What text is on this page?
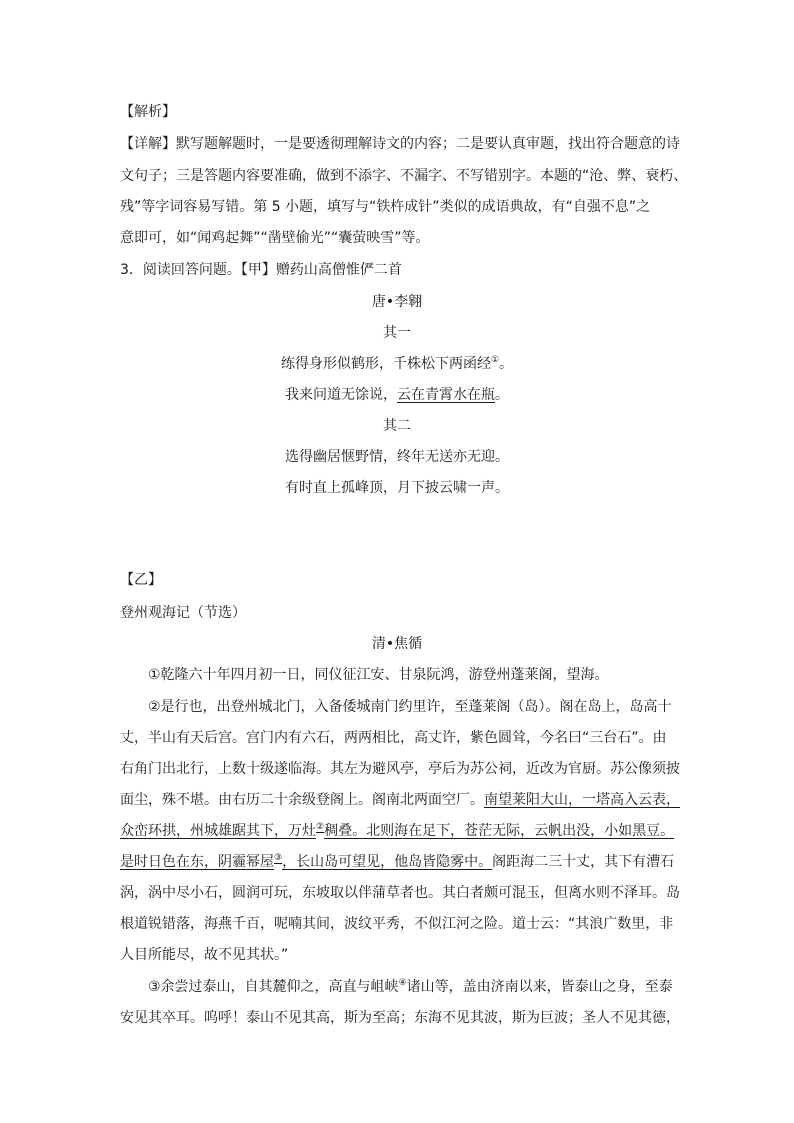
【解析】
【详解】默写题解题时，一是要透彻理解诗文的内容；二是要认真审题，找出符合题意的诗
文句子；三是答题内容要准确，做到不添字、不漏字、不写错别字。本题的“沧、弊、衰朽、
残”等字词容易写错。第 5 小题，填写与“铁杵成针”类似的成语典故，有“自强不息”之
意即可，如“闻鸡起舞”“凿壁偷光”“囊萤映雪”等。
3．阅读回答问题。【甲】赠药山高僧惟俨二首
唐•李翱
其一
练得身形似鹤形，千株松下两函经①。
我来问道无馀说，云在青霄水在瓶。
其二
选得幽居惬野情，终年无送亦无迎。
有时直上孤峰顶，月下披云啸一声。
【乙】
登州观海记（节选）
清•焦循
①乾隆六十年四月初一日，同仪征江安、甘泉阮鸿，游登州蓬莱阁，望海。
②是行也，出登州城北门，入备倭城南门约里许，至蓬莱阁（岛）。阁在岛上，岛高十
丈，半山有天后宫。宫门内有六石，两两相比，高丈许，紫色圆耸，今名曰“三台石”。由
右角门出北行，上数十级遂临海。其左为避风亭，亭后为苏公祠，近改为官厨。苏公像须披
面尘，殊不堪。由右历二十余级登阁上。阁南北两面空厂。南望莱阳大山，一塔高入云表，
众峦环拱，州城雄踞其下，万灶②稠叠。北则海在足下，苍茫无际，云帆出没，小如黑豆。
是时日色在东，阴霾幂屋③，长山岛可望见，他岛皆隐雾中。阁距海二三十丈，其下有漕石
涡，涡中尽小石，圆润可玩，东坡取以伴蒲草者也。其白者颇可混玉，但离水则不泽耳。岛
根道锐错落，海燕千百，呢喃其间，波纹平秀，不似江河之险。道士云：“其浪广数里，非
人目所能尽，故不见其状。”
③余尝过泰山，自其麓仰之，高直与岨峡④诸山等，盖由济南以来，皆泰山之身，至泰
安见其卒耳。呜呼！泰山不见其高，斯为至高；东海不见其波，斯为巨波；圣人不见其德，
